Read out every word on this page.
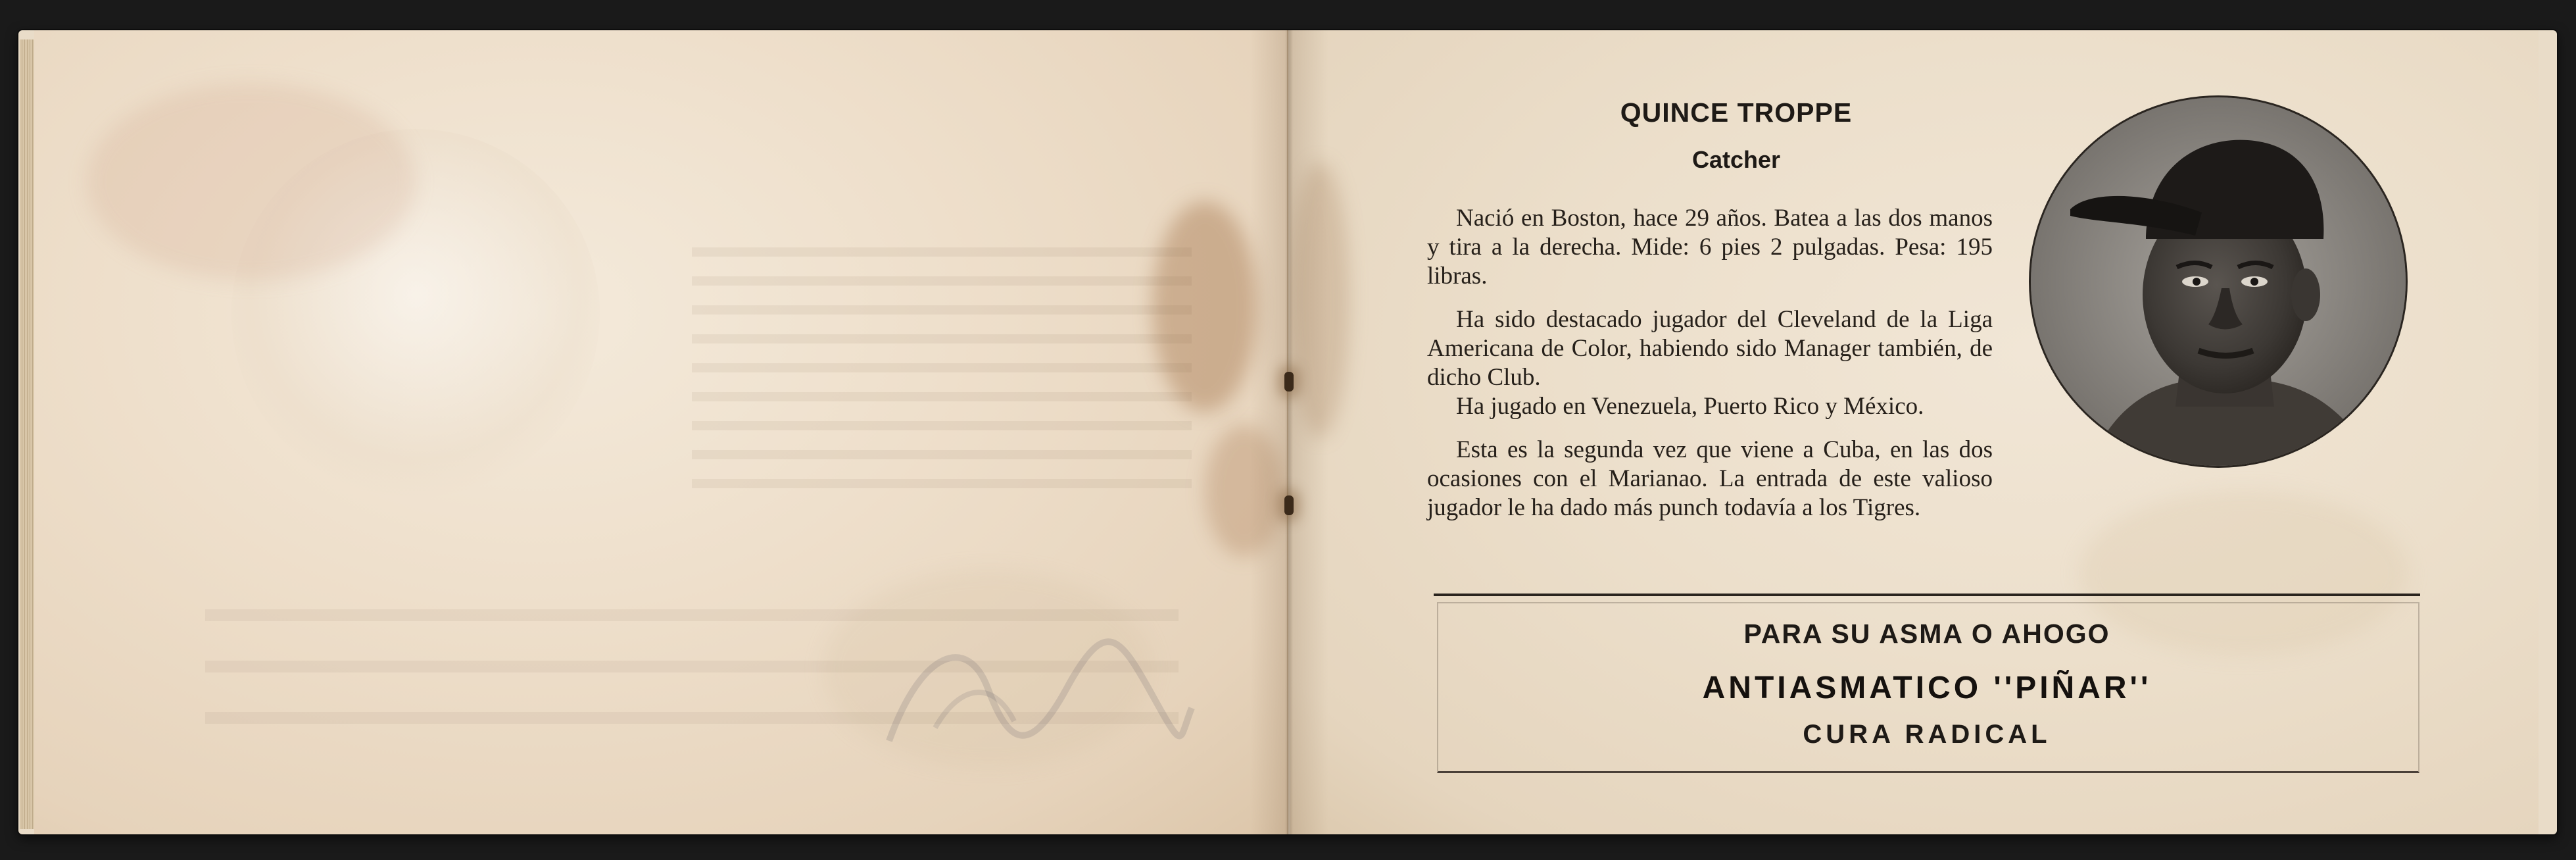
QUINCE TROPPE
Catcher

Nació en Boston, hace 29 años. Batea a las dos manos y tira a la derecha. Mide: 6 pies 2 pulgadas. Pesa: 195 libras.

Ha sido destacado jugador del Cleveland de la Liga Americana de Color, habiendo sido Manager también, de dicho Club.

Ha jugado en Venezuela, Puerto Rico y México.

Esta es la segunda vez que viene a Cuba, en las dos ocasiones con el Marianao. La entrada de este valioso jugador le ha dado más punch todavía a los Tigres.

PARA SU ASMA O AHOGO
ANTIASMATICO ''PIÑAR''
CURA RADICAL
